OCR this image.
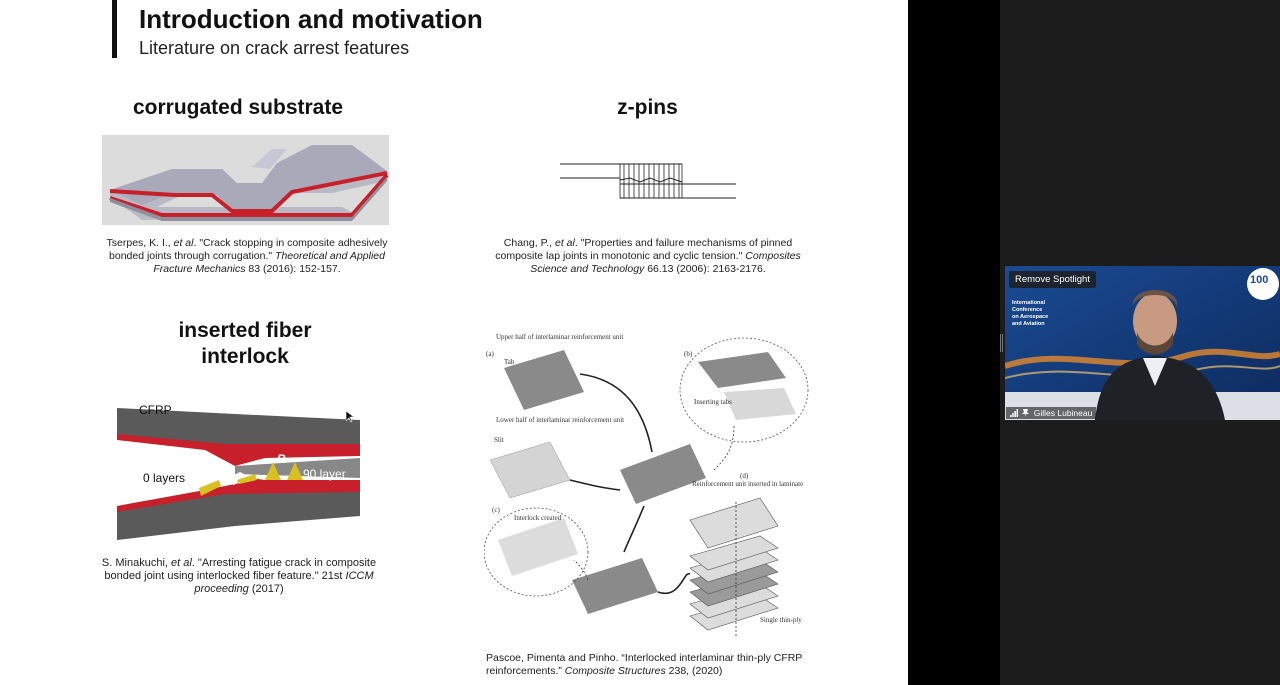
Introduction and motivation
Literature on crack arrest features
corrugated substrate
Tserpes, K. I., et al. "Crack stopping in composite adhesively bonded joints through corrugation." Theoretical and Applied Fracture Mechanics 83 (2016): 152-157.
z-pins
Chang, P., et al. "Properties and failure mechanisms of pinned composite lap joints in monotonic and cyclic tension." Composites Science and Technology 66.13 (2006): 2163-2176.
inserted fiber
interlock
CFRP
0 layers	90 layer
A
B
S. Minakuchi, et al. "Arresting fatigue crack in composite bonded joint using interlocked fiber feature." 21st ICCM proceeding (2017)
Upper half of interlaminar reinforcement unit
(a)
Tab
Lower half of interlaminar reinforcement unit
Slit
(b)
Inserting tabs
(d)
Reinforcement unit inserted in laminate
(c)
Interlock created
Single thin-ply
Pascoe, Pimenta and Pinho. “Interlocked interlaminar thin-ply CFRP reinforcements.” Composite Structures 238, (2020)
International
Conference
on Aerospace
and Aviation
100
Remove Spotlight
Gilles Lubineau
